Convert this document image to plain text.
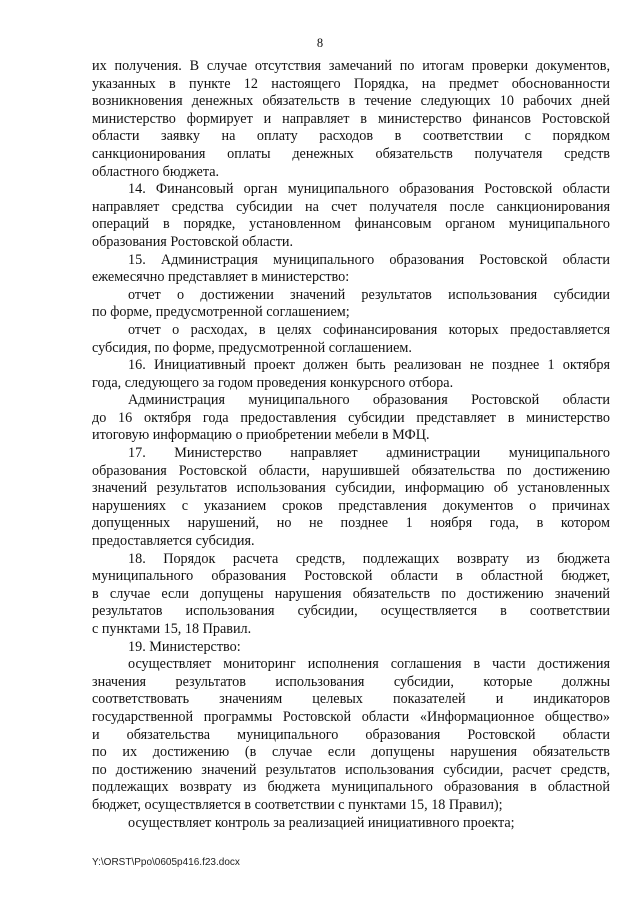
8
их получения. В случае отсутствия замечаний по итогам проверки документов,
указанных в пункте 12 настоящего Порядка, на предмет обоснованности
возникновения денежных обязательств в течение следующих 10 рабочих дней
министерство формирует и направляет в министерство финансов Ростовской
области заявку на оплату расходов в соответствии с порядком
санкционирования оплаты денежных обязательств получателя средств
областного бюджета.
14. Финансовый орган муниципального образования Ростовской области
направляет средства субсидии на счет получателя после санкционирования
операций в порядке, установленном финансовым органом муниципального
образования Ростовской области.
15. Администрация муниципального образования Ростовской области
ежемесячно представляет в министерство:
отчет о достижении значений результатов использования субсидии
по форме, предусмотренной соглашением;
отчет о расходах, в целях софинансирования которых предоставляется
субсидия, по форме, предусмотренной соглашением.
16. Инициативный проект должен быть реализован не позднее 1 октября
года, следующего за годом проведения конкурсного отбора.
Администрация муниципального образования Ростовской области
до 16 октября года предоставления субсидии представляет в министерство
итоговую информацию о приобретении мебели в МФЦ.
17. Министерство направляет администрации муниципального
образования Ростовской области, нарушившей обязательства по достижению
значений результатов использования субсидии, информацию об установленных
нарушениях с указанием сроков представления документов о причинах
допущенных нарушений, но не позднее 1 ноября года, в котором
предоставляется субсидия.
18. Порядок расчета средств, подлежащих возврату из бюджета
муниципального образования Ростовской области в областной бюджет,
в случае если допущены нарушения обязательств по достижению значений
результатов использования субсидии, осуществляется в соответствии
с пунктами 15, 18 Правил.
19. Министерство:
осуществляет мониторинг исполнения соглашения в части достижения
значения результатов использования субсидии, которые должны
соответствовать значениям целевых показателей и индикаторов
государственной программы Ростовской области «Информационное общество»
и обязательства муниципального образования Ростовской области
по их достижению (в случае если допущены нарушения обязательств
по достижению значений результатов использования субсидии, расчет средств,
подлежащих возврату из бюджета муниципального образования в областной
бюджет, осуществляется в соответствии с пунктами 15, 18 Правил);
осуществляет контроль за реализацией инициативного проекта;
Y:\ORST\Ppo\0605p416.f23.docx
